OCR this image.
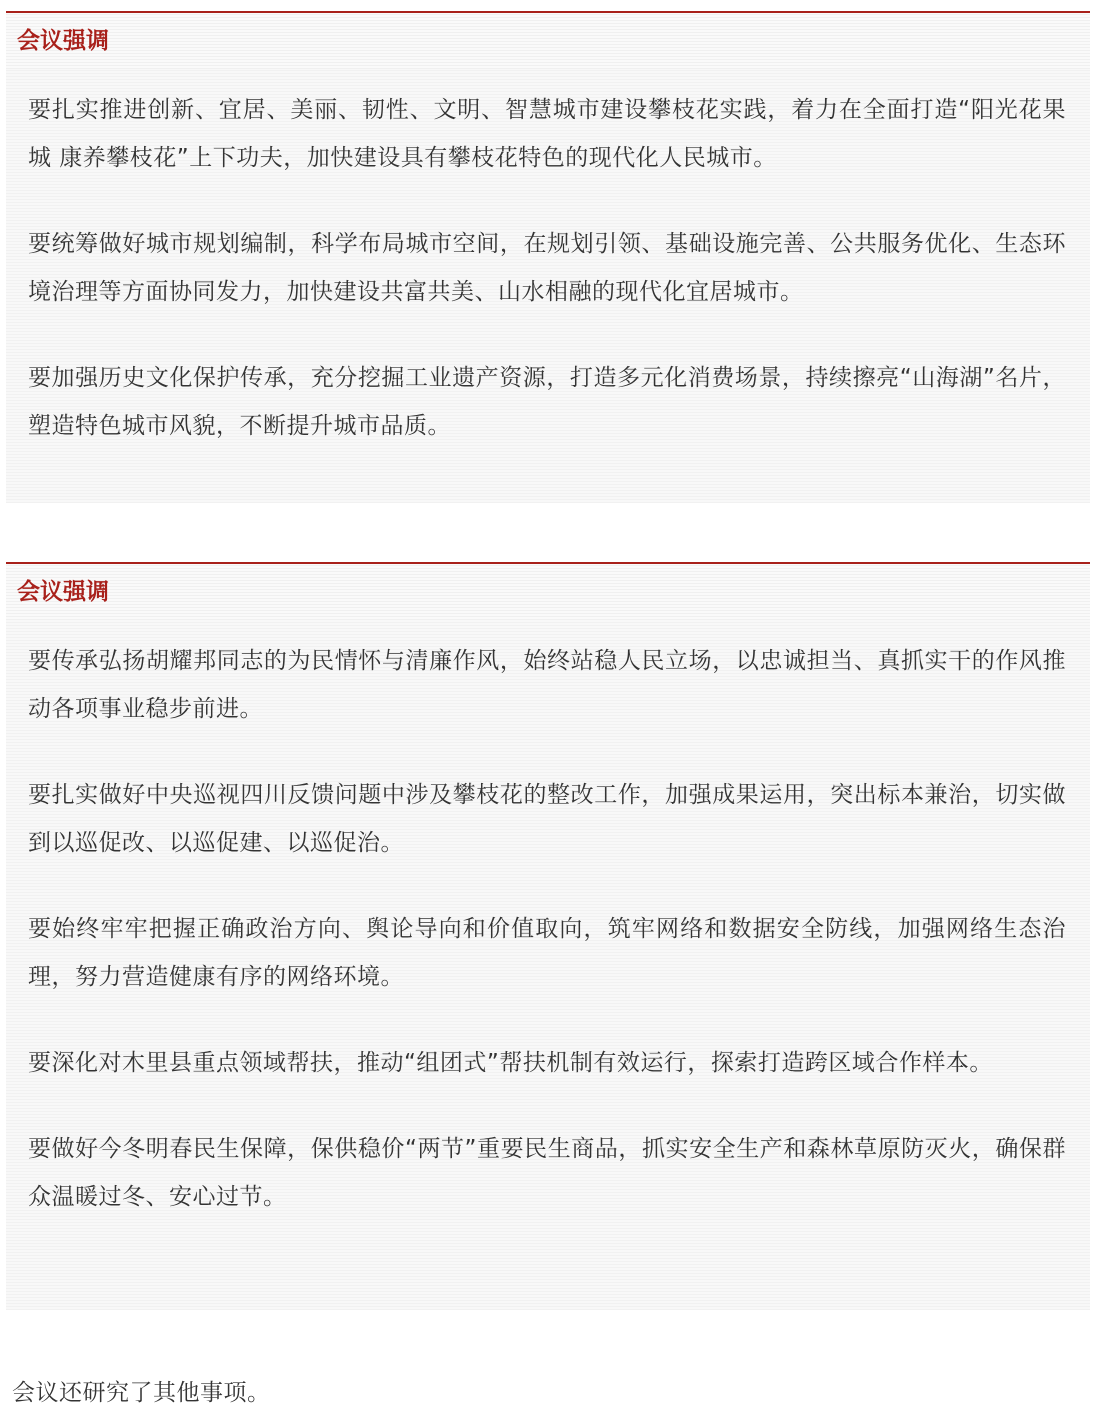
会议强调

要扎实推进创新、宜居、美丽、韧性、文明、智慧城市建设攀枝花实践，着力在全面打造“阳光花果城 康养攀枝花”上下功夫，加快建设具有攀枝花特色的现代化人民城市。

要统筹做好城市规划编制，科学布局城市空间，在规划引领、基础设施完善、公共服务优化、生态环境治理等方面协同发力，加快建设共富共美、山水相融的现代化宜居城市。

要加强历史文化保护传承，充分挖掘工业遗产资源，打造多元化消费场景，持续擦亮“山海湖”名片，塑造特色城市风貌，不断提升城市品质。

会议强调

要传承弘扬胡耀邦同志的为民情怀与清廉作风，始终站稳人民立场，以忠诚担当、真抓实干的作风推动各项事业稳步前进。

要扎实做好中央巡视四川反馈问题中涉及攀枝花的整改工作，加强成果运用，突出标本兼治，切实做到以巡促改、以巡促建、以巡促治。

要始终牢牢把握正确政治方向、舆论导向和价值取向，筑牢网络和数据安全防线，加强网络生态治理，努力营造健康有序的网络环境。

要深化对木里县重点领域帮扶，推动“组团式”帮扶机制有效运行，探索打造跨区域合作样本。

要做好今冬明春民生保障，保供稳价“两节”重要民生商品，抓实安全生产和森林草原防灭火，确保群众温暖过冬、安心过节。

会议还研究了其他事项。
